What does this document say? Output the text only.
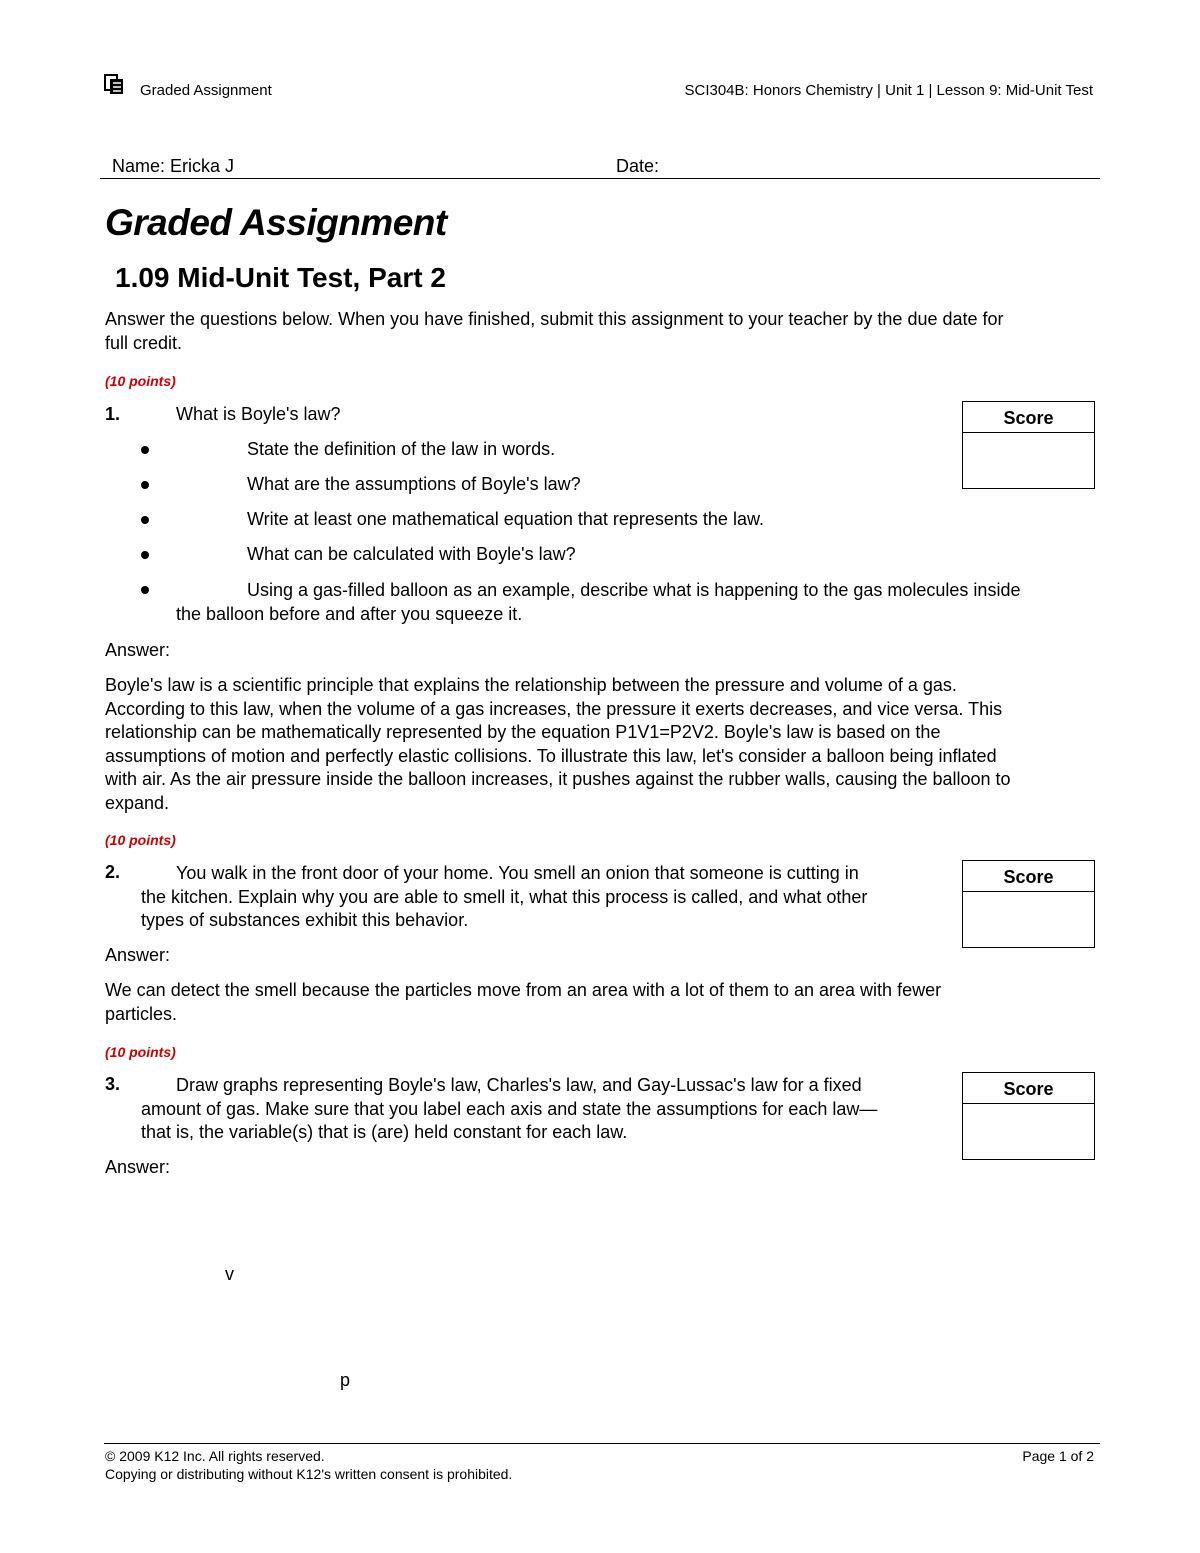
Graded Assignment	SCI304B: Honors Chemistry | Unit 1 | Lesson 9: Mid-Unit Test
Name: Ericka J	Date:
Graded Assignment
1.09 Mid-Unit Test, Part 2
Answer the questions below. When you have finished, submit this assignment to your teacher by the due date for
full credit.
(10 points)
1.	What is Boyle's law?	Score
State the definition of the law in words.
What are the assumptions of Boyle's law?
Write at least one mathematical equation that represents the law.
What can be calculated with Boyle's law?
Using a gas-filled balloon as an example, describe what is happening to the gas molecules inside
the balloon before and after you squeeze it.
Answer:
Boyle's law is a scientific principle that explains the relationship between the pressure and volume of a gas.
According to this law, when the volume of a gas increases, the pressure it exerts decreases, and vice versa. This
relationship can be mathematically represented by the equation P1V1=P2V2. Boyle's law is based on the
assumptions of motion and perfectly elastic collisions. To illustrate this law, let's consider a balloon being inflated
with air. As the air pressure inside the balloon increases, it pushes against the rubber walls, causing the balloon to
expand.
(10 points)
2.	You walk in the front door of your home. You smell an onion that someone is cutting in
the kitchen. Explain why you are able to smell it, what this process is called, and what other
types of substances exhibit this behavior.
Score
Answer:
We can detect the smell because the particles move from an area with a lot of them to an area with fewer
particles.
(10 points)
3.	Draw graphs representing Boyle's law, Charles's law, and Gay-Lussac's law for a fixed
amount of gas. Make sure that you label each axis and state the assumptions for each law—
that is, the variable(s) that is (are) held constant for each law.
Score
Answer:
v
p
© 2009 K12 Inc. All rights reserved.
Copying or distributing without K12's written consent is prohibited.
Page 1 of 2
